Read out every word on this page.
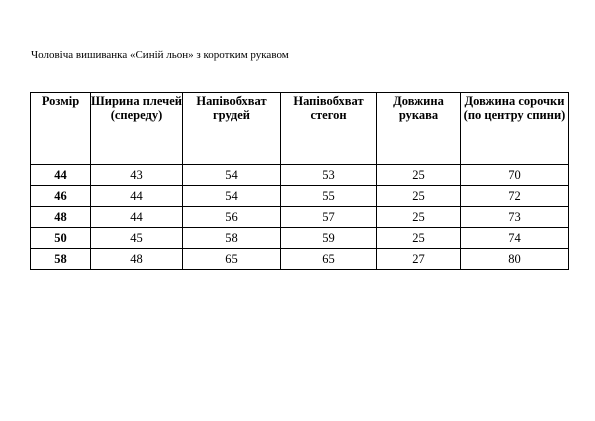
Чоловіча вишиванка «Синій льон» з коротким рукавом
Розмір	Ширина плечей (спереду)	Напівобхват грудей	Напівобхват стегон	Довжина рукава	Довжина сорочки (по центру спини)
44	43	54	53	25	70
46	44	54	55	25	72
48	44	56	57	25	73
50	45	58	59	25	74
58	48	65	65	27	80
